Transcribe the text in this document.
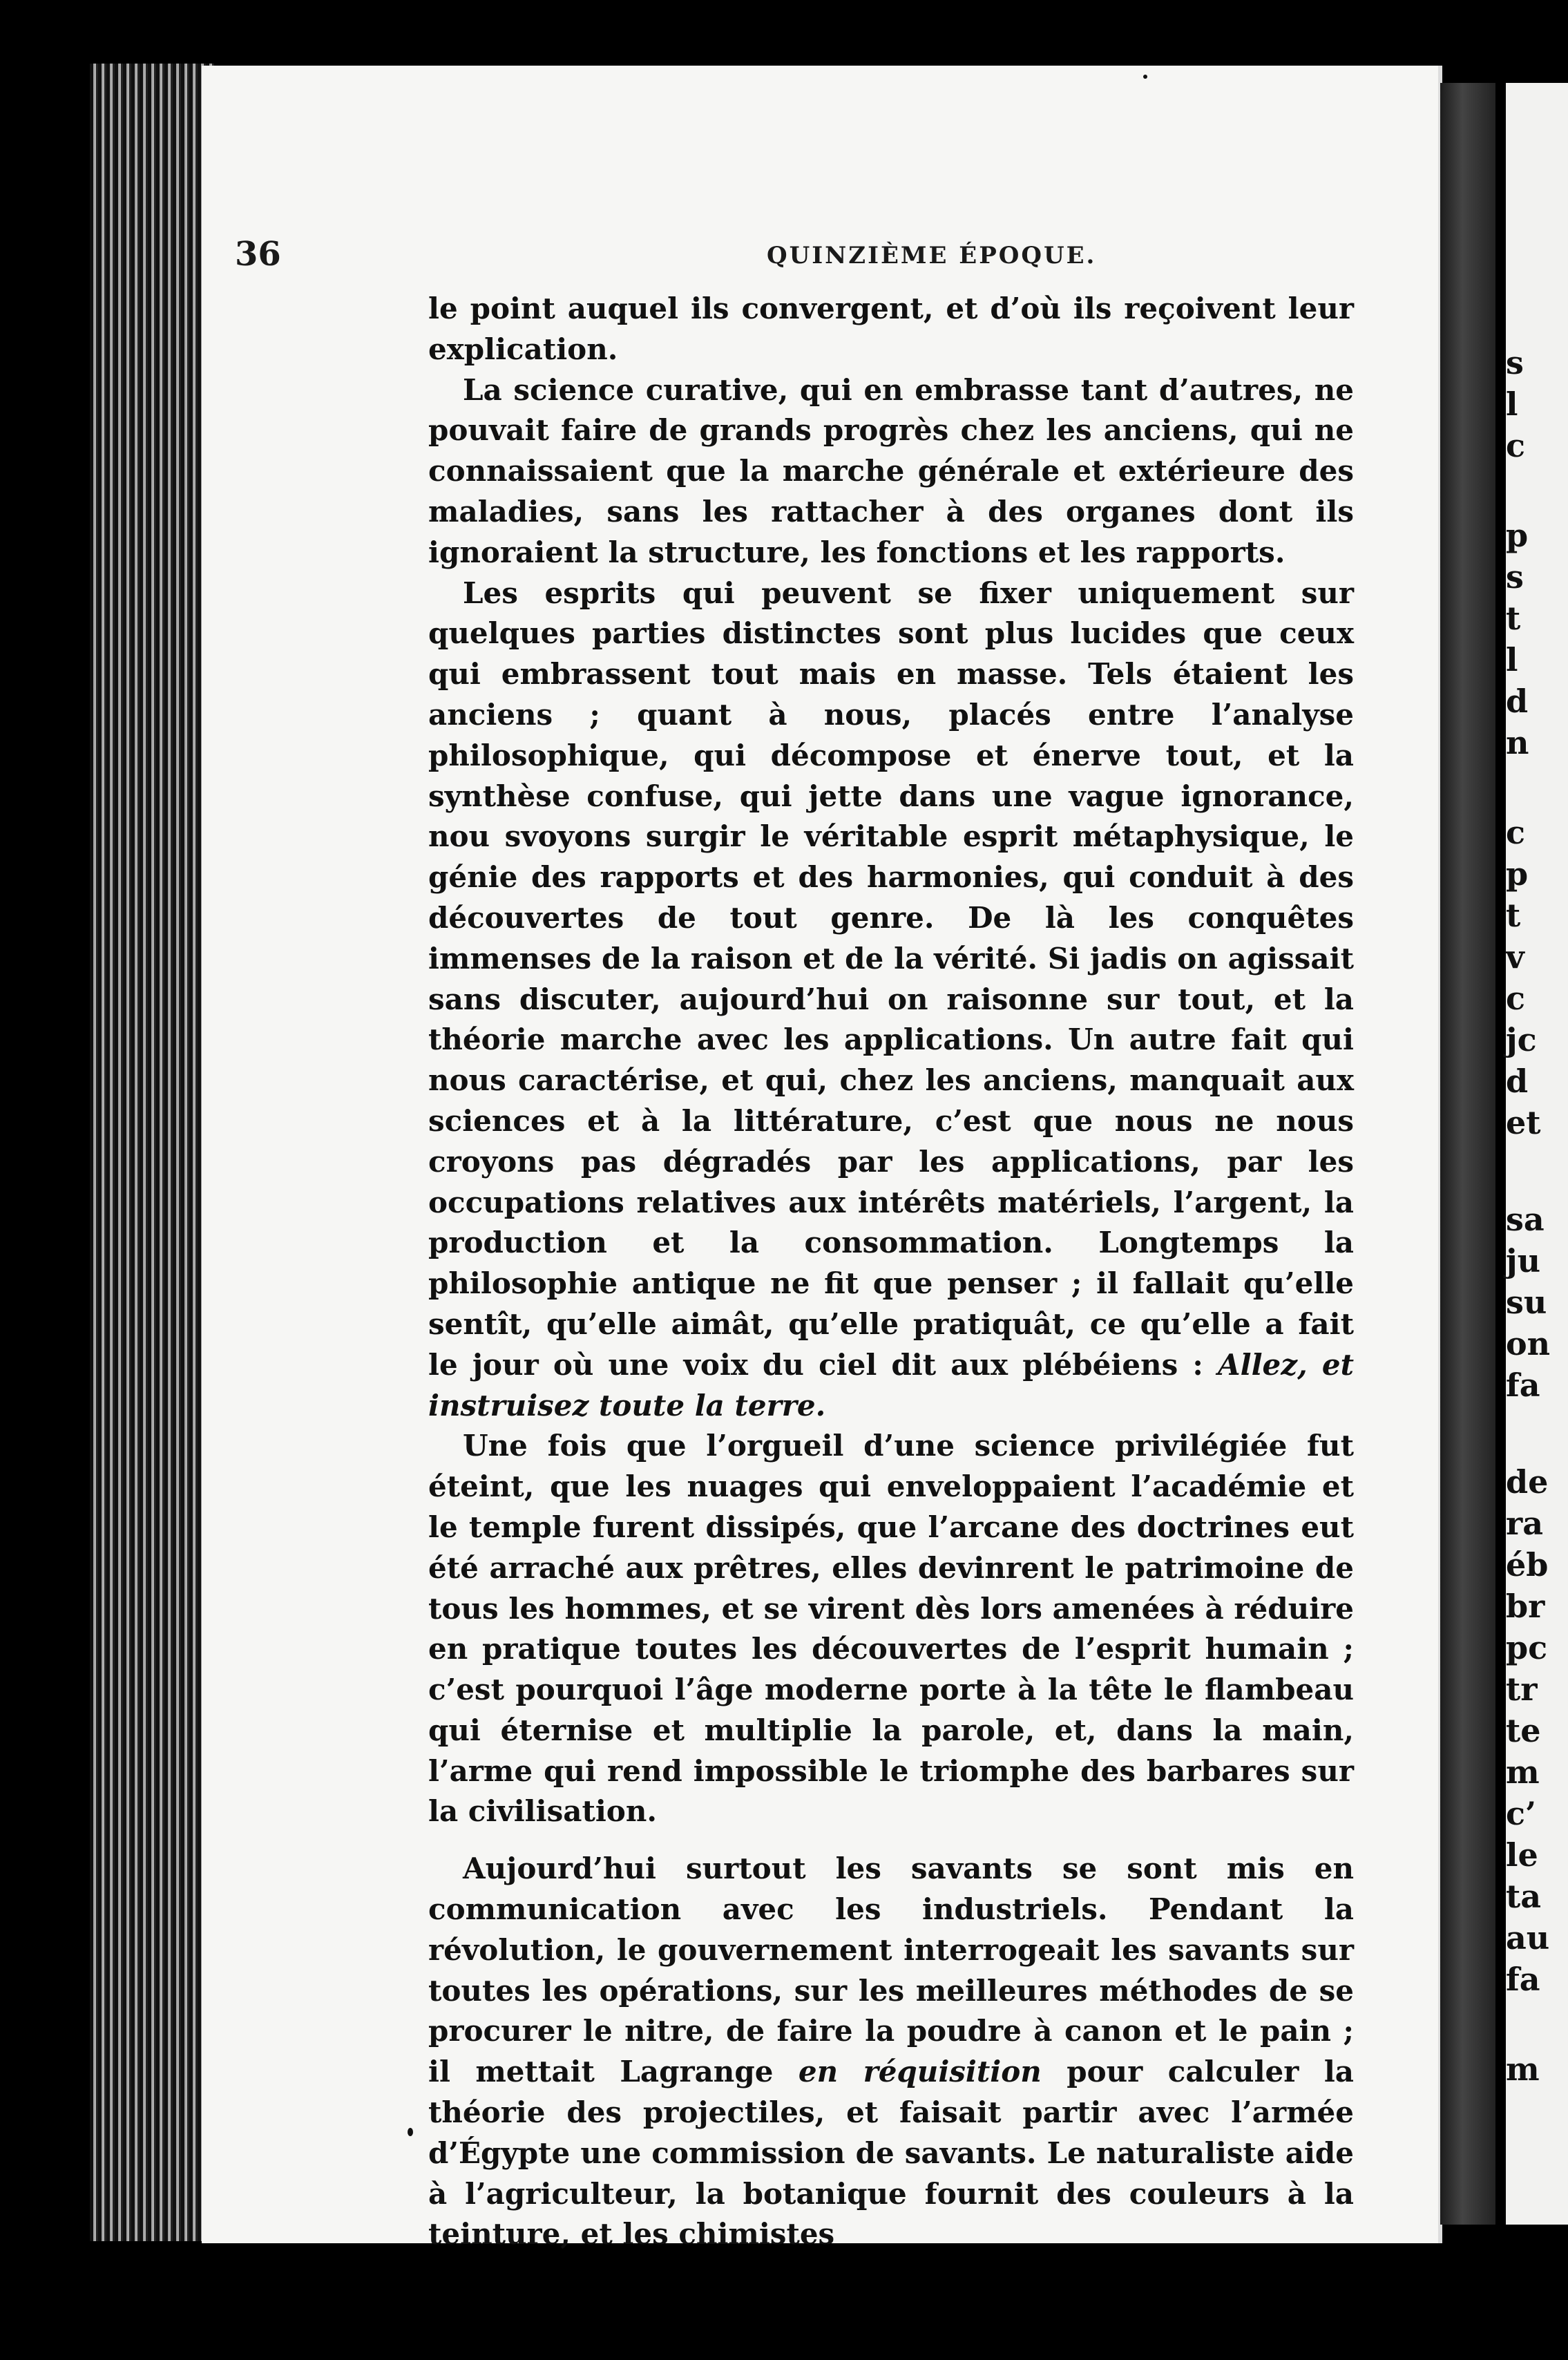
s
l
c
p
s
t
l
d
n
c
p
t
v
c
jc
d
et
sa
ju
su
on
fa
de
ra
éb
br
pc
tr
te
m
c’
le
ta
au
fa
m
36	QUINZIÈME ÉPOQUE.

le point auquel ils convergent, et d’où ils reçoivent leur explication.

La science curative, qui en embrasse tant d’autres, ne pouvait faire de grands progrès chez les anciens, qui ne connaissaient que la marche générale et extérieure des maladies, sans les rattacher à des organes dont ils ignoraient la structure, les fonctions et les rapports.

Les esprits qui peuvent se fixer uniquement sur quelques parties distinctes sont plus lucides que ceux qui embrassent tout mais en masse. Tels étaient les anciens ; quant à nous, placés entre l’analyse philosophique, qui décompose et énerve tout, et la synthèse confuse, qui jette dans une vague ignorance, nou svoyons surgir le véritable esprit métaphysique, le génie des rapports et des harmonies, qui conduit à des découvertes de tout genre. De là les conquêtes immenses de la raison et de la vérité. Si jadis on agissait sans discuter, aujourd’hui on raisonne sur tout, et la théorie marche avec les applications. Un autre fait qui nous caractérise, et qui, chez les anciens, manquait aux sciences et à la littérature, c’est que nous ne nous croyons pas dégradés par les applications, par les occupations relatives aux intérêts matériels, l’argent, la production et la consommation. Longtemps la philosophie antique ne fit que penser ; il fallait qu’elle sentît, qu’elle aimât, qu’elle pratiquât, ce qu’elle a fait le jour où une voix du ciel dit aux plébéiens : Allez, et instruisez toute la terre.

Une fois que l’orgueil d’une science privilégiée fut éteint, que les nuages qui enveloppaient l’académie et le temple furent dissipés, que l’arcane des doctrines eut été arraché aux prêtres, elles devinrent le patrimoine de tous les hommes, et se virent dès lors amenées à réduire en pratique toutes les découvertes de l’esprit humain ; c’est pourquoi l’âge moderne porte à la tête le flambeau qui éternise et multiplie la parole, et, dans la main, l’arme qui rend impossible le triomphe des barbares sur la civilisation.

Aujourd’hui surtout les savants se sont mis en communication avec les industriels. Pendant la révolution, le gouvernement interrogeait les savants sur toutes les opérations, sur les meilleures méthodes de se procurer le nitre, de faire la poudre à canon et le pain ; il mettait Lagrange en réquisition pour calculer la théorie des projectiles, et faisait partir avec l’armée d’Égypte une commission de savants. Le naturaliste aide à l’agriculteur, la botanique fournit des couleurs à la teinture, et les chimistes
